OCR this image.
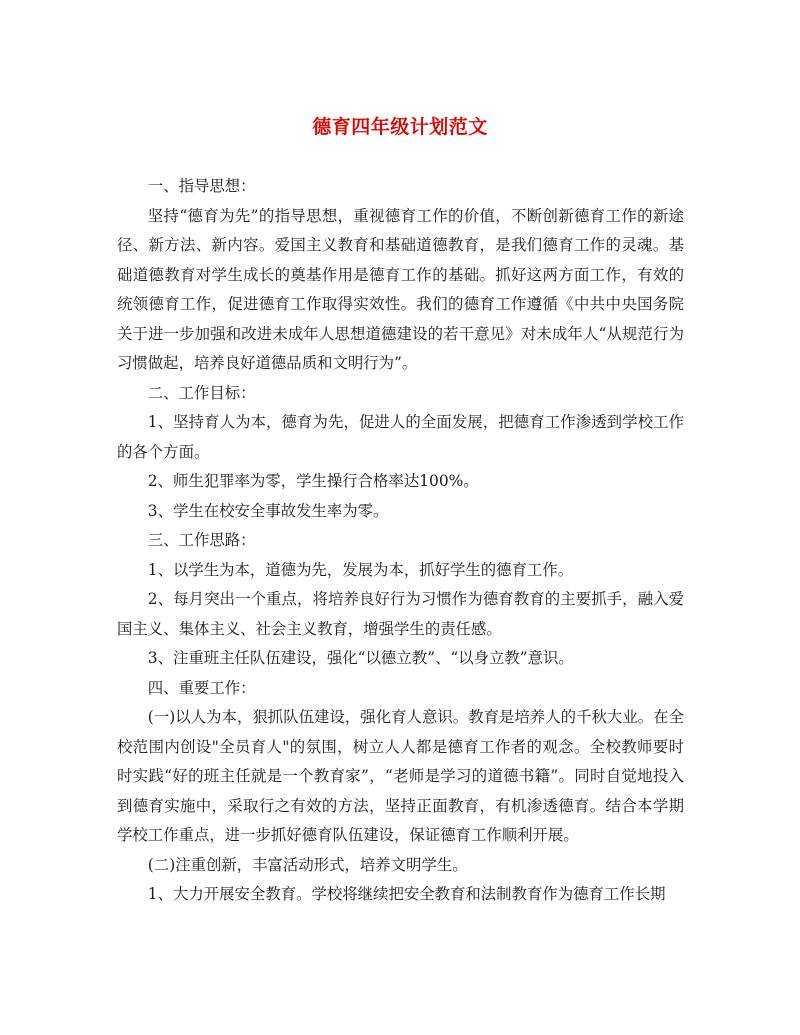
德育四年级计划范文

一、指导思想：

坚持“德育为先”的指导思想，重视德育工作的价值，不断创新德育工作的新途径、新方法、新内容。爱国主义教育和基础道德教育，是我们德育工作的灵魂。基础道德教育对学生成长的奠基作用是德育工作的基础。抓好这两方面工作，有效的统领德育工作，促进德育工作取得实效性。我们的德育工作遵循《中共中央国务院关于进一步加强和改进未成年人思想道德建设的若干意见》对未成年人“从规范行为习惯做起，培养良好道德品质和文明行为”。

二、工作目标：

1、坚持育人为本，德育为先，促进人的全面发展，把德育工作渗透到学校工作的各个方面。

2、师生犯罪率为零，学生操行合格率达100%。

3、学生在校安全事故发生率为零。

三、工作思路：

1、以学生为本，道德为先，发展为本，抓好学生的德育工作。

2、每月突出一个重点，将培养良好行为习惯作为德育教育的主要抓手，融入爱国主义、集体主义、社会主义教育，增强学生的责任感。

3、注重班主任队伍建设，强化“以德立教”、“以身立教”意识。

四、重要工作：

(一)以人为本，狠抓队伍建设，强化育人意识。教育是培养人的千秋大业。在全校范围内创设"全员育人"的氛围，树立人人都是德育工作者的观念。全校教师要时时实践“好的班主任就是一个教育家”，“老师是学习的道德书籍”。同时自觉地投入到德育实施中，采取行之有效的方法，坚持正面教育，有机渗透德育。结合本学期学校工作重点，进一步抓好德育队伍建设，保证德育工作顺利开展。

(二)注重创新，丰富活动形式，培养文明学生。

1、大力开展安全教育。学校将继续把安全教育和法制教育作为德育工作长期
